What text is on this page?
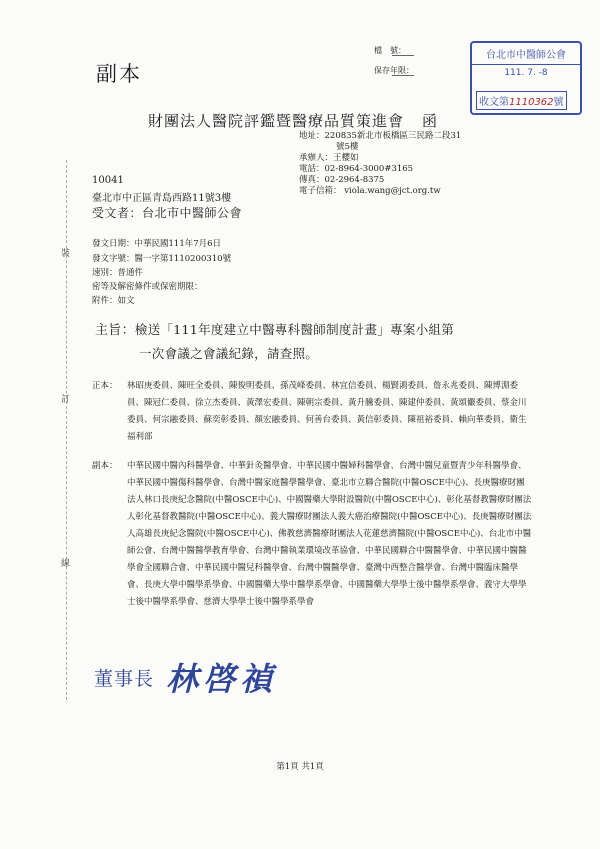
副本
檔　號：
保存年限：
台北市中醫師公會
111. 7. -8
收文第1110362號
財團法人醫院評鑑暨醫療品質策進會 函
地址：220835新北市板橋區三民路二段31
號5樓
承辦人：王櫻如
電話：02-8964-3000#3165
傳真：02-2964-8375
電子信箱： viola.wang@jct.org.tw
10041
臺北市中正區青島西路11號3樓
受文者：台北市中醫師公會
發文日期：中華民國111年7月6日
發文字號：醫一字第1110200310號
速別：普通件
密等及解密條件或保密期限：
附件：如文
主旨：檢送「111年度建立中醫專科醫師制度計畫」專案小組第
一次會議之會議紀錄，請查照。
正本： 林昭庚委員、陳旺全委員、陳俊明委員、孫茂峰委員、林宜信委員、楊賢鴻委員、詹永兆委員、陳博淵委員、陳冠仁委員、徐立杰委員、黃澤宏委員、陳朝宗委員、黃升騰委員、陳建仲委員、黃頌儼委員、蔡金川委員、何宗融委員、蘇奕彰委員、顏宏融委員、何善台委員、黃信彰委員、陳祖裕委員、賴向華委員、衛生福利部
副本： 中華民國中醫內科醫學會、中華針灸醫學會、中華民國中醫婦科醫學會、台灣中醫兒童暨青少年科醫學會、中華民國中醫傷科醫學會、台灣中醫家庭醫學醫學會、臺北市立聯合醫院(中醫OSCE中心)、長庚醫療財團法人林口長庚紀念醫院(中醫OSCE中心)、中國醫藥大學附設醫院(中醫OSCE中心)、彰化基督教醫療財團法人彰化基督教醫院(中醫OSCE中心)、義大醫療財團法人義大癌治療醫院(中醫OSCE中心)、長庚醫療財團法人高雄長庚紀念醫院(中醫OSCE中心)、佛教慈濟醫療財團法人花蓮慈濟醫院(中醫OSCE中心)、台北市中醫師公會、台灣中醫醫學教育學會、台灣中醫執業環境改革協會、中華民國聯合中醫醫學會、中華民國中醫醫學會全國聯合會、中華民國中醫兒科醫學會、台灣中醫醫學會、臺灣中西整合醫學會、台灣中醫臨床醫學會、長庚大學中醫學系學會、中國醫藥大學中醫學系學會、中國醫藥大學學士後中醫學系學會、義守大學學士後中醫學系學會、慈濟大學學士後中醫學系學會
裝
訂
線
董事長 林啓禎
第1頁 共1頁
